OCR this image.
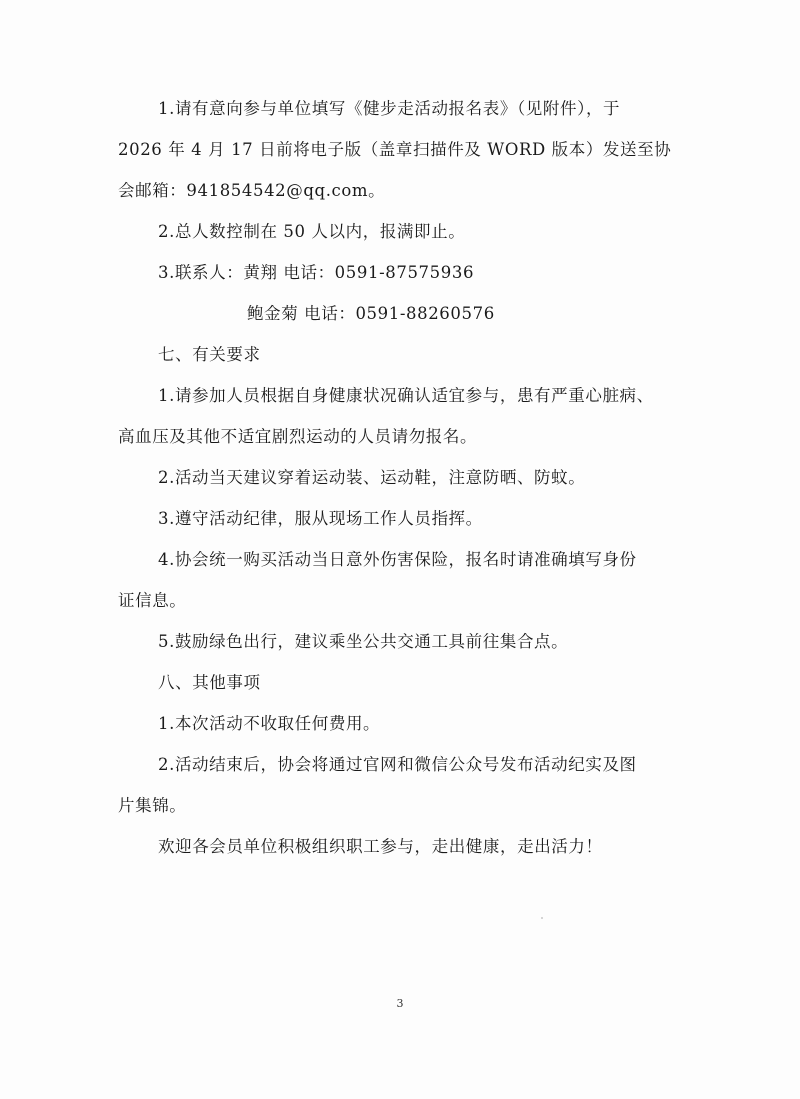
1.请有意向参与单位填写《健步走活动报名表》（见附件），于
2026 年 4 月 17 日前将电子版（盖章扫描件及 WORD 版本）发送至协
会邮箱：941854542@qq.com。
2.总人数控制在 50 人以内，报满即止。
3.联系人：黄翔 电话：0591-87575936
鲍金菊 电话：0591-88260576
七、有关要求
1.请参加人员根据自身健康状况确认适宜参与，患有严重心脏病、
高血压及其他不适宜剧烈运动的人员请勿报名。
2.活动当天建议穿着运动装、运动鞋，注意防晒、防蚊。
3.遵守活动纪律，服从现场工作人员指挥。
4.协会统一购买活动当日意外伤害保险，报名时请准确填写身份
证信息。
5.鼓励绿色出行，建议乘坐公共交通工具前往集合点。
八、其他事项
1.本次活动不收取任何费用。
2.活动结束后，协会将通过官网和微信公众号发布活动纪实及图
片集锦。
欢迎各会员单位积极组织职工参与，走出健康，走出活力！
3
